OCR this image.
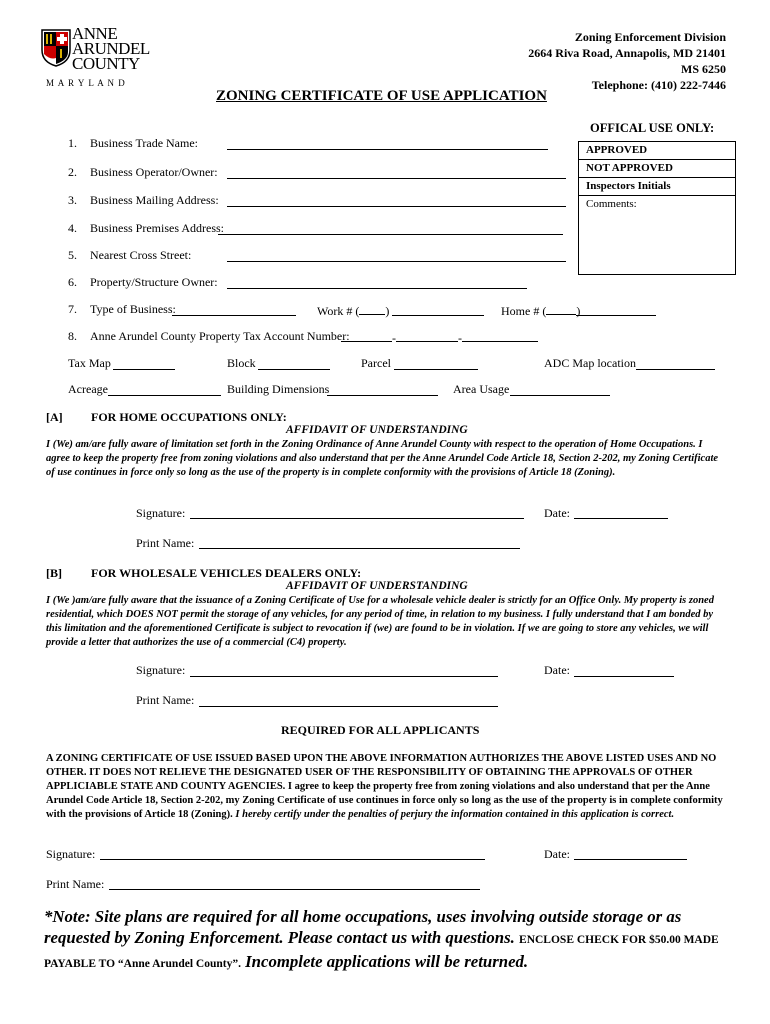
ANNE
ARUNDEL
COUNTY
M A R Y L A N D
Zoning Enforcement Division
2664 Riva Road, Annapolis, MD 21401
MS 6250
Telephone: (410) 222-7446
ZONING CERTIFICATE OF USE APPLICATION
OFFICAL USE ONLY:
APPROVED
NOT APPROVED
Inspectors Initials
Comments:
1. Business Trade Name:
2. Business Operator/Owner:
3. Business Mailing Address:
4. Business Premises Address:
5. Nearest Cross Street:
6. Property/Structure Owner:
7. Type of Business:	Work # ( )	Home # (	)
8. Anne Arundel County Property Tax Account Number:	-	-
Tax Map	Block	Parcel	ADC Map location
Acreage	Building Dimensions	Area Usage
[A] FOR HOME OCCUPATIONS ONLY:
AFFIDAVIT OF UNDERSTANDING
I (We) am/are fully aware of limitation set forth in the Zoning Ordinance of Anne Arundel County with respect to the operation of Home Occupations. I agree to keep the property free from zoning violations and also understand that per the Anne Arundel Code Article 18, Section 2-202, my Zoning Certificate of use continues in force only so long as the use of the property is in complete conformity with the provisions of Article 18 (Zoning).
Signature:	Date:
Print Name:
[B] FOR WHOLESALE VEHICLES DEALERS ONLY:
AFFIDAVIT OF UNDERSTANDING
I (We )am/are fully aware that the issuance of a Zoning Certificate of Use for a wholesale vehicle dealer is strictly for an Office Only. My property is zoned residential, which DOES NOT permit the storage of any vehicles, for any period of time, in relation to my business. I fully understand that I am bonded by this limitation and the aforementioned Certificate is subject to revocation if (we) are found to be in violation. If we are going to store any vehicles, we will provide a letter that authorizes the use of a commercial (C4) property.
Signature:	Date:
Print Name:
REQUIRED FOR ALL APPLICANTS
A ZONING CERTIFICATE OF USE ISSUED BASED UPON THE ABOVE INFORMATION AUTHORIZES THE ABOVE LISTED USES AND NO OTHER. IT DOES NOT RELIEVE THE DESIGNATED USER OF THE RESPONSIBILITY OF OBTAINING THE APPROVALS OF OTHER APPLICIABLE STATE AND COUNTY AGENCIES. I agree to keep the property free from zoning violations and also understand that per the Anne Arundel Code Article 18, Section 2-202, my Zoning Certificate of use continues in force only so long as the use of the property is in complete conformity with the provisions of Article 18 (Zoning). I hereby certify under the penalties of perjury the information contained in this application is correct.
Signature:	Date:
Print Name:
*Note: Site plans are required for all home occupations, uses involving outside storage or as requested by Zoning Enforcement. Please contact us with questions. ENCLOSE CHECK FOR $50.00 MADE PAYABLE TO “Anne Arundel County”. Incomplete applications will be returned.
